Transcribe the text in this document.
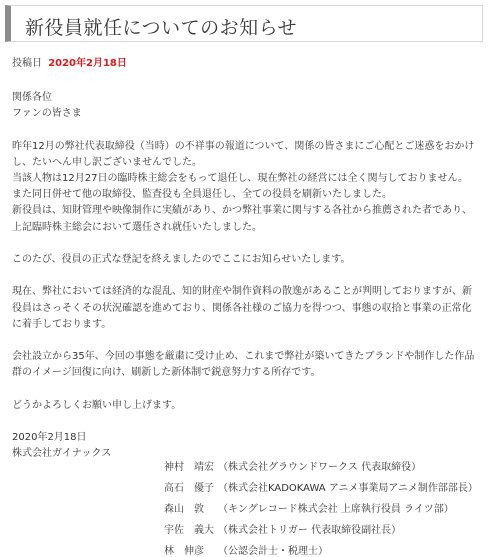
新役員就任についてのお知らせ
投稿日 2020年2月18日

関係各位

ファンの皆さま

昨年12月の弊社代表取締役（当時）の不祥事の報道について、関係の皆さまにご心配とご迷惑をおかけ

し、たいへん申し訳ございませんでした。

当該人物は12月27日の臨時株主総会をもって退任し、現在弊社の経営には全く関与しておりません。

また同日併せて他の取締役、監査役も全員退任し、全ての役員を刷新いたしました。

新役員は、知財管理や映像制作に実績があり、かつ弊社事業に関与する各社から推薦された者であり、

上記臨時株主総会において選任され就任いたしました。

このたび、役員の正式な登記を終えましたのでここにお知らせいたします。

現在、弊社においては経済的な混乱、知的財産や制作資料の散逸があることが判明しておりますが、新

役員はさっそくその状況確認を進めており、関係各社様のご協力を得つつ、事態の収拾と事業の正常化

に着手しております。

会社設立から35年、今回の事態を厳粛に受け止め、これまで弊社が築いてきたブランドや制作した作品

群のイメージ回復に向け、刷新した新体制で鋭意努力する所存です。

どうかよろしくお願い申し上げます。

2020年2月18日

株式会社ガイナックス

神村　靖宏 （株式会社グラウンドワークス 代表取締役）
高石　優子 （株式会社KADOKAWA アニメ事業局アニメ制作部部長）
森山　敦 （キングレコード株式会社 上席執行役員 ライツ部）
宇佐　義大 （株式会社トリガー 代表取締役副社長）
林　伸彦 （公認会計士・税理士）
